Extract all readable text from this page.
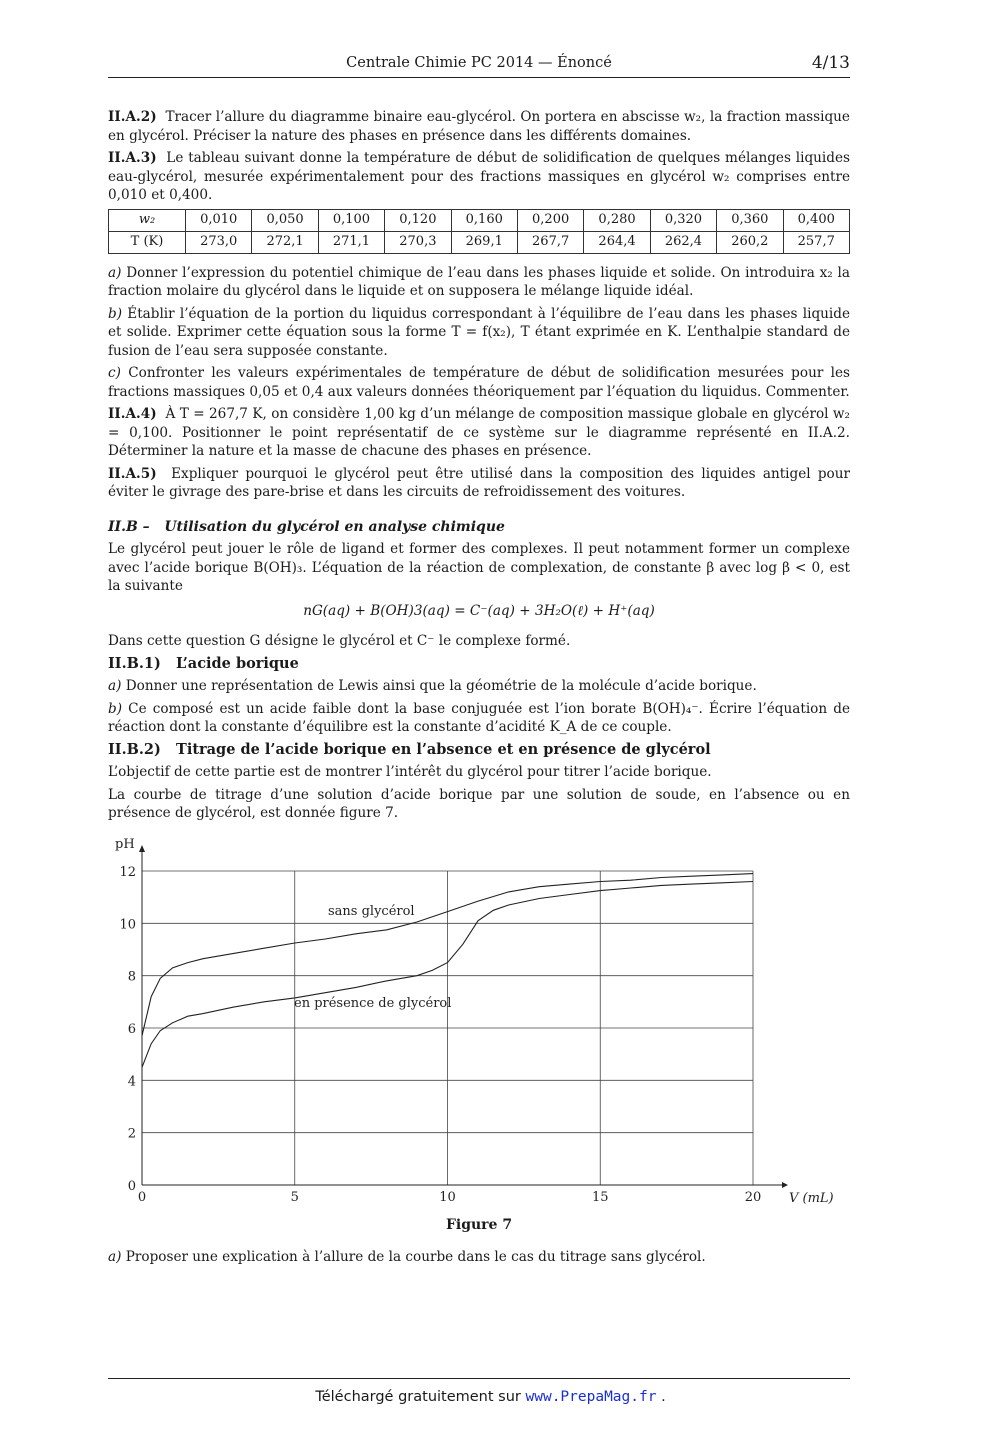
Centrale Chimie PC 2014 — Énoncé	4/13

II.A.2) Tracer l’allure du diagramme binaire eau-glycérol. On portera en abscisse w₂, la fraction massique en glycérol. Préciser la nature des phases en présence dans les différents domaines.

II.A.3) Le tableau suivant donne la température de début de solidification de quelques mélanges liquides eau-glycérol, mesurée expérimentalement pour des fractions massiques en glycérol w₂ comprises entre 0,010 et 0,400.

w₂	0,010	0,050	0,100	0,120	0,160	0,200	0,280	0,320	0,360	0,400
T (K)	273,0	272,1	271,1	270,3	269,1	267,7	264,4	262,4	260,2	257,7

a) Donner l’expression du potentiel chimique de l’eau dans les phases liquide et solide. On introduira x₂ la fraction molaire du glycérol dans le liquide et on supposera le mélange liquide idéal.

b) Établir l’équation de la portion du liquidus correspondant à l’équilibre de l’eau dans les phases liquide et solide. Exprimer cette équation sous la forme T = f(x₂), T étant exprimée en K. L’enthalpie standard de fusion de l’eau sera supposée constante.

c) Confronter les valeurs expérimentales de température de début de solidification mesurées pour les fractions massiques 0,05 et 0,4 aux valeurs données théoriquement par l’équation du liquidus. Commenter.

II.A.4) À T = 267,7 K, on considère 1,00 kg d’un mélange de composition massique globale en glycérol w₂ = 0,100. Positionner le point représentatif de ce système sur le diagramme représenté en II.A.2. Déterminer la nature et la masse de chacune des phases en présence.

II.A.5) Expliquer pourquoi le glycérol peut être utilisé dans la composition des liquides antigel pour éviter le givrage des pare-brise et dans les circuits de refroidissement des voitures.

II.B – Utilisation du glycérol en analyse chimique

Le glycérol peut jouer le rôle de ligand et former des complexes. Il peut notamment former un complexe avec l’acide borique B(OH)₃. L’équation de la réaction de complexation, de constante β avec log β < 0, est la suivante

nG(aq) + B(OH)3(aq) = C⁻(aq) + 3H₂O(ℓ) + H⁺(aq)

Dans cette question G désigne le glycérol et C⁻ le complexe formé.

II.B.1) L’acide borique

a) Donner une représentation de Lewis ainsi que la géométrie de la molécule d’acide borique.

b) Ce composé est un acide faible dont la base conjuguée est l’ion borate B(OH)₄⁻. Écrire l’équation de réaction dont la constante d’équilibre est la constante d’acidité K_A de ce couple.

II.B.2) Titrage de l’acide borique en l’absence et en présence de glycérol

L’objectif de cette partie est de montrer l’intérêt du glycérol pour titrer l’acide borique.

La courbe de titrage d’une solution d’acide borique par une solution de soude, en l’absence ou en présence de glycérol, est donnée figure 7.

0
2
4
6
8
10
12
0	5	10	15	20
pH
V (mL)
sans glycérol
en présence de glycérol
Figure 7
a) Proposer une explication à l’allure de la courbe dans le cas du titrage sans glycérol.
Téléchargé gratuitement sur www.PrepaMag.fr .
